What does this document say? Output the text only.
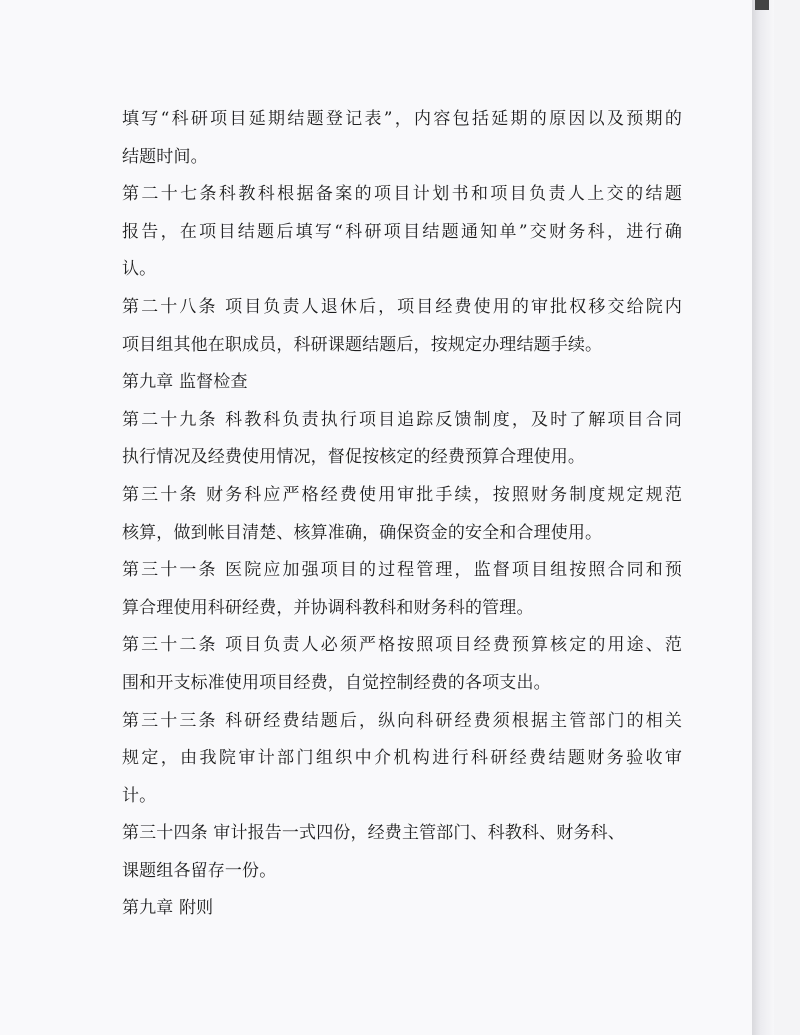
填写“科研项目延期结题登记表”，内容包括延期的原因以及预期的
结题时间。
第二十七条科教科根据备案的项目计划书和项目负责人上交的结题
报告，在项目结题后填写“科研项目结题通知单”交财务科，进行确
认。
第二十八条 项目负责人退休后，项目经费使用的审批权移交给院内
项目组其他在职成员，科研课题结题后，按规定办理结题手续。
第九章 监督检查
第二十九条 科教科负责执行项目追踪反馈制度，及时了解项目合同
执行情况及经费使用情况，督促按核定的经费预算合理使用。
第三十条 财务科应严格经费使用审批手续，按照财务制度规定规范
核算，做到帐目清楚、核算准确，确保资金的安全和合理使用。
第三十一条 医院应加强项目的过程管理，监督项目组按照合同和预
算合理使用科研经费，并协调科教科和财务科的管理。
第三十二条 项目负责人必须严格按照项目经费预算核定的用途、范
围和开支标准使用项目经费，自觉控制经费的各项支出。
第三十三条 科研经费结题后，纵向科研经费须根据主管部门的相关
规定，由我院审计部门组织中介机构进行科研经费结题财务验收审
计。
第三十四条 审计报告一式四份，经费主管部门、科教科、财务科、
课题组各留存一份。
第九章 附则
